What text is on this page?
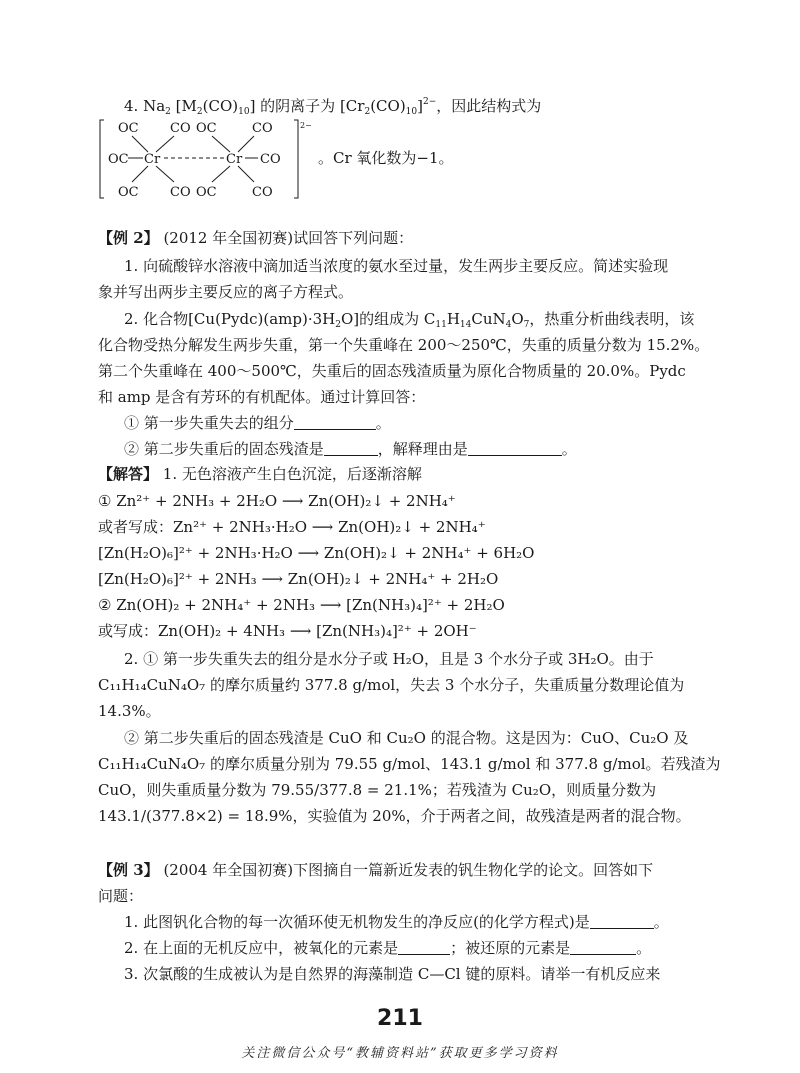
4. $Na_2$ $[M_2(CO)_{10}]$ 的阴离子为 $[Cr_2(CO)_{10}]^{2-}$，因此结构式为
2−
OC CO OC	CO
OC Cr	Cr CO
OC CO OC	CO
。Cr 氧化数为−1。
【例 2】 (2012 年全国初赛)试回答下列问题：
1. 向硫酸锌水溶液中滴加适当浓度的氨水至过量，发生两步主要反应。简述实验现
象并写出两步主要反应的离子方程式。
2. 化合物$[Cu(Pydc)(amp)\cdot 3H_2O]$的组成为 $C_{11}H_{14}CuN_4O_7$，热重分析曲线表明，该
化合物受热分解发生两步失重，第一个失重峰在 200～250℃，失重的质量分数为 15.2%。
第二个失重峰在 400～500℃，失重后的固态残渣质量为原化合物质量的 20.0%。Pydc
和 amp 是含有芳环的有机配体。通过计算回答：
① 第一步失重失去的组分	。
② 第二步失重后的固态残渣是	，解释理由是	。
【解答】 1. 无色溶液产生白色沉淀，后逐渐溶解
① Zn²⁺ + 2NH₃ + 2H₂O ⟶ Zn(OH)₂↓ + 2NH₄⁺
或者写成：Zn²⁺ + 2NH₃·H₂O ⟶ Zn(OH)₂↓ + 2NH₄⁺
[Zn(H₂O)₆]²⁺ + 2NH₃·H₂O ⟶ Zn(OH)₂↓ + 2NH₄⁺ + 6H₂O
[Zn(H₂O)₆]²⁺ + 2NH₃ ⟶ Zn(OH)₂↓ + 2NH₄⁺ + 2H₂O
② Zn(OH)₂ + 2NH₄⁺ + 2NH₃ ⟶ [Zn(NH₃)₄]²⁺ + 2H₂O
或写成：Zn(OH)₂ + 4NH₃ ⟶ [Zn(NH₃)₄]²⁺ + 2OH⁻
2. ① 第一步失重失去的组分是水分子或 H₂O，且是 3 个水分子或 3H₂O。由于
C₁₁H₁₄CuN₄O₇ 的摩尔质量约 377.8 g/mol，失去 3 个水分子，失重质量分数理论值为
14.3%。
② 第二步失重后的固态残渣是 CuO 和 Cu₂O 的混合物。这是因为：CuO、Cu₂O 及
C₁₁H₁₄CuN₄O₇ 的摩尔质量分别为 79.55 g/mol、143.1 g/mol 和 377.8 g/mol。若残渣为
CuO，则失重质量分数为 79.55/377.8 = 21.1%；若残渣为 Cu₂O，则质量分数为
143.1/(377.8×2) = 18.9%，实验值为 20%，介于两者之间，故残渣是两者的混合物。
【例 3】 (2004 年全国初赛)下图摘自一篇新近发表的钒生物化学的论文。回答如下
问题：
1. 此图钒化合物的每一次循环使无机物发生的净反应(的化学方程式)是	。
2. 在上面的无机反应中，被氧化的元素是	；被还原的元素是	。
3. 次氯酸的生成被认为是自然界的海藻制造 C—Cl 键的原料。请举一有机反应来
211
关注微信公众号“教辅资料站”获取更多学习资料
